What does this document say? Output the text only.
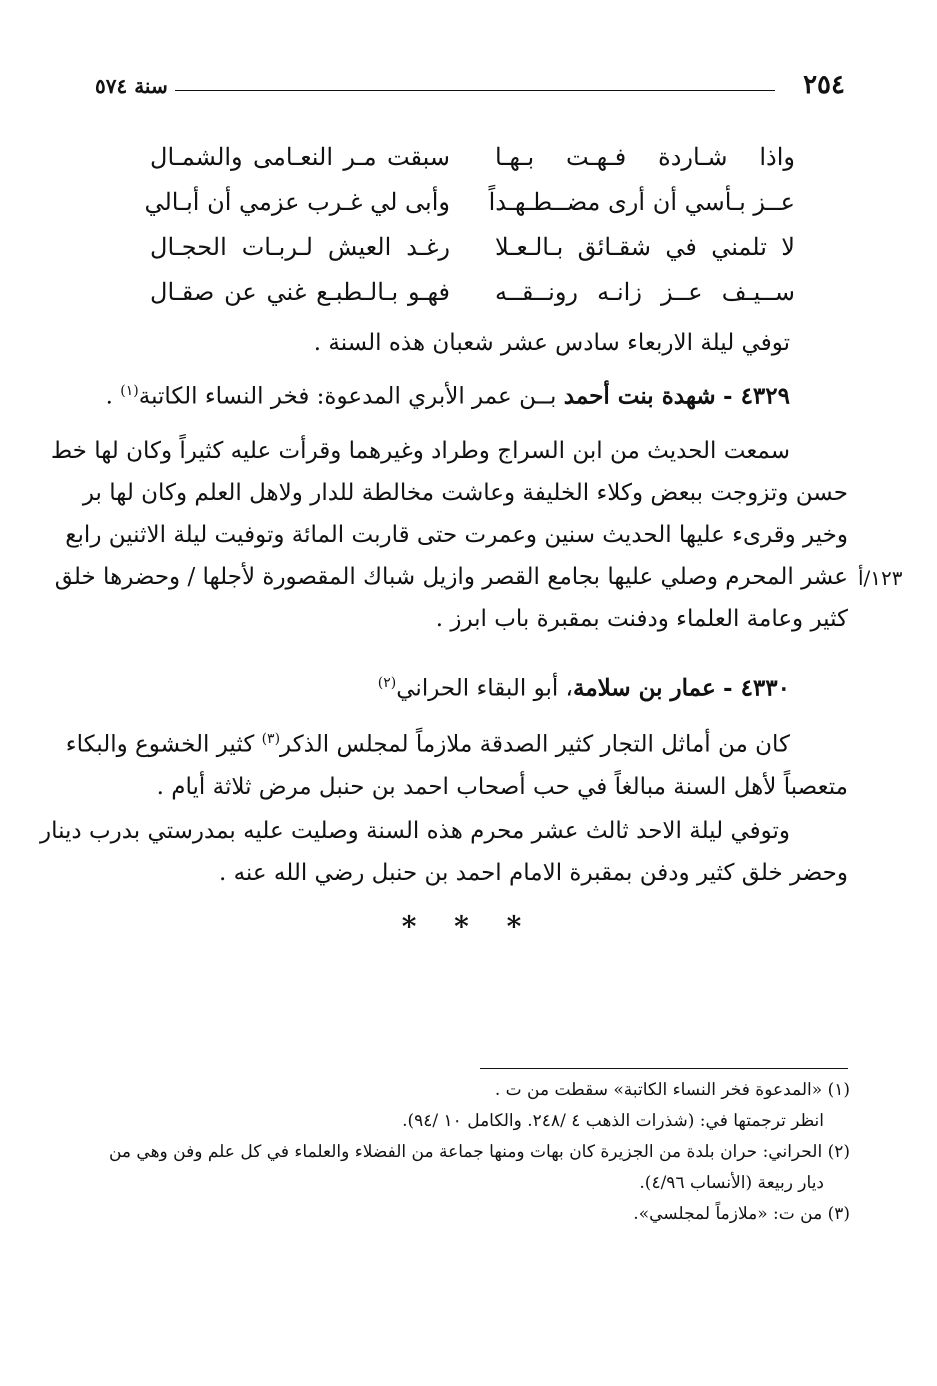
٢٥٤
سنة ٥٧٤
واذا شـاردة فـهـت بـهـا
سبقت مـر النعـامى والشمـال
عــز بـأسي أن أرى مضــطـهـداً
وأبى لي غـرب عزمي أن أبـالي
لا تلمني في شقـائق بـالـعـلا
رغـد العيش لـربـات الحجـال
ســيـف عــز زانـه رونــقــه
فهـو بـالـطبـع غني عن صقـال
توفي ليلة الاربعاء سادس عشر شعبان هذه السنة .
٤٣٢٩ - شهدة بنت أحمد بــن عمر الأبري المدعوة: فخر النساء الكاتبة$^{(١)}$ .
سمعت الحديث من ابن السراج وطراد وغيرهما وقرأت عليه كثيراً وكان لها خط
حسن وتزوجت ببعض وكلاء الخليفة وعاشت مخالطة للدار ولاهل العلم وكان لها بر
وخير وقرىء عليها الحديث سنين وعمرت حتى قاربت المائة وتوفيت ليلة الاثنين رابع
عشر المحرم وصلي عليها بجامع القصر وازيل شباك المقصورة لأجلها / وحضرها خلق
كثير وعامة العلماء ودفنت بمقبرة باب ابرز .
١٢٣/أ
٤٣٣٠ - عمار بن سلامة، أبو البقاء الحراني$^{(٢)}$
كان من أماثل التجار كثير الصدقة ملازماً لمجلس الذكر$^{(٣)}$ كثير الخشوع والبكاء
متعصباً لأهل السنة مبالغاً في حب أصحاب احمد بن حنبل مرض ثلاثة أيام .
وتوفي ليلة الاحد ثالث عشر محرم هذه السنة وصليت عليه بمدرستي بدرب دينار
وحضر خلق كثير ودفن بمقبرة الامام احمد بن حنبل رضي الله عنه .
* * *
(١) «المدعوة فخر النساء الكاتبة» سقطت من ت .
انظر ترجمتها في: (شذرات الذهب ٤ /٢٤٨. والكامل ١٠ /٩٤).
(٢) الحراني: حران بلدة من الجزيرة كان بهات ومنها جماعة من الفضلاء والعلماء في كل علم وفن وهي من
ديار ربيعة (الأنساب ٤/٩٦).
(٣) من ت: «ملازماً لمجلسي».
